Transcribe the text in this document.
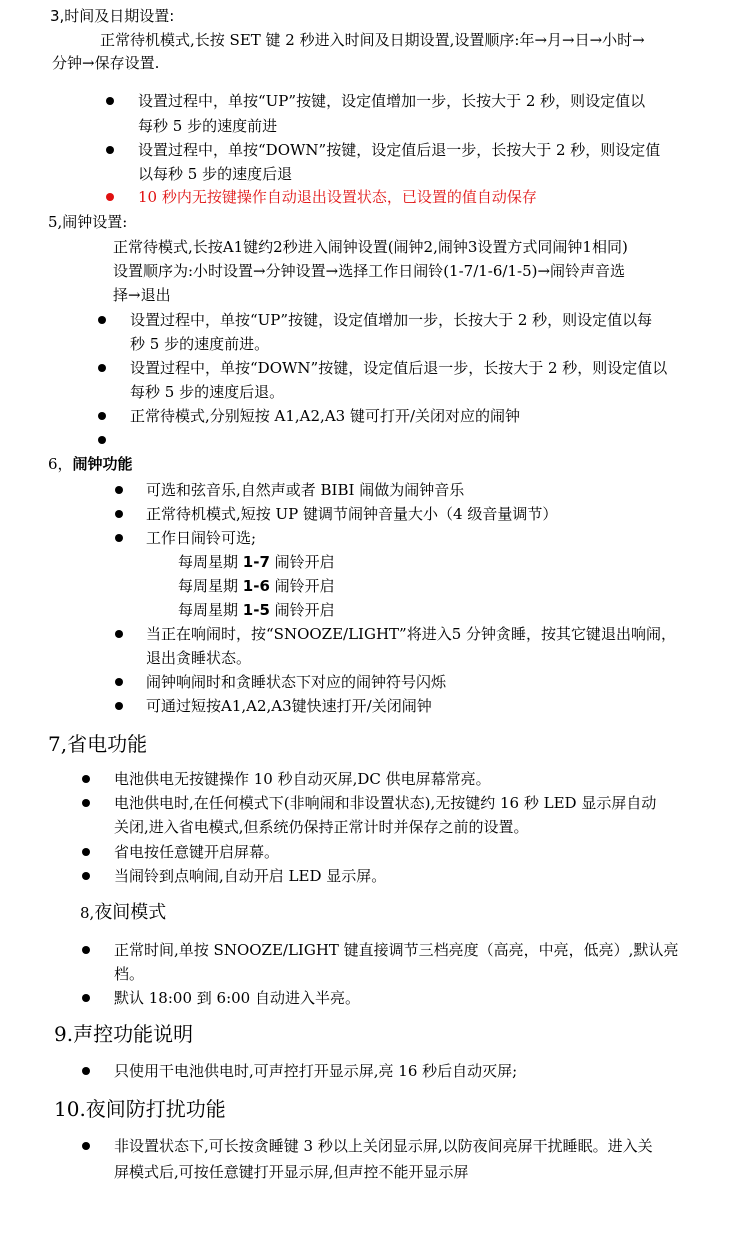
3,时间及日期设置:
正常待机模式,长按 SET 键 2 秒进入时间及日期设置,设置顺序:年→月→日→小时→
分钟→保存设置.
设置过程中，单按“UP”按键，设定值增加一步，长按大于 2 秒，则设定值以
每秒 5 步的速度前进
设置过程中，单按“DOWN”按键，设定值后退一步，长按大于 2 秒，则设定值
以每秒 5 步的速度后退
10 秒内无按键操作自动退出设置状态，已设置的值自动保存
5,闹钟设置:
正常待模式,长按A1键约2秒进入闹钟设置(闹钟2,闹钟3设置方式同闹钟1相同)
设置顺序为:小时设置→分钟设置→选择工作日闹铃(1-7/1-6/1-5)→闹铃声音选
择→退出
设置过程中，单按“UP”按键，设定值增加一步，长按大于 2 秒，则设定值以每
秒 5 步的速度前进。
设置过程中，单按“DOWN”按键，设定值后退一步，长按大于 2 秒，则设定值以
每秒 5 步的速度后退。
正常待模式,分别短按 A1,A2,A3 键可打开/关闭对应的闹钟
6，闹钟功能
可选和弦音乐,自然声或者 BIBI 闹做为闹钟音乐
正常待机模式,短按 UP 键调节闹钟音量大小（4 级音量调节）
工作日闹铃可选;
每周星期 1-7 闹铃开启
每周星期 1-6 闹铃开启
每周星期 1-5 闹铃开启
当正在响闹时，按“SNOOZE/LIGHT”将进入5 分钟贪睡，按其它键退出响闹，
退出贪睡状态。
闹钟响闹时和贪睡状态下对应的闹钟符号闪烁
可通过短按A1,A2,A3键快速打开/关闭闹钟
7,省电功能
电池供电无按键操作 10 秒自动灭屏,DC 供电屏幕常亮。
电池供电时,在任何模式下(非响闹和非设置状态),无按键约 16 秒 LED 显示屏自动
关闭,进入省电模式,但系统仍保持正常计时并保存之前的设置。
省电按任意键开启屏幕。
当闹铃到点响闹,自动开启 LED 显示屏。
8,夜间模式
正常时间,单按 SNOOZE/LIGHT 键直接调节三档亮度（高亮，中亮，低亮）,默认亮
档。
默认 18:00 到 6:00 自动进入半亮。
9.声控功能说明
只使用干电池供电时,可声控打开显示屏,亮 16 秒后自动灭屏;
10.夜间防打扰功能
非设置状态下,可长按贪睡键 3 秒以上关闭显示屏,以防夜间亮屏干扰睡眠。进入关
屏模式后,可按任意键打开显示屏,但声控不能开显示屏
